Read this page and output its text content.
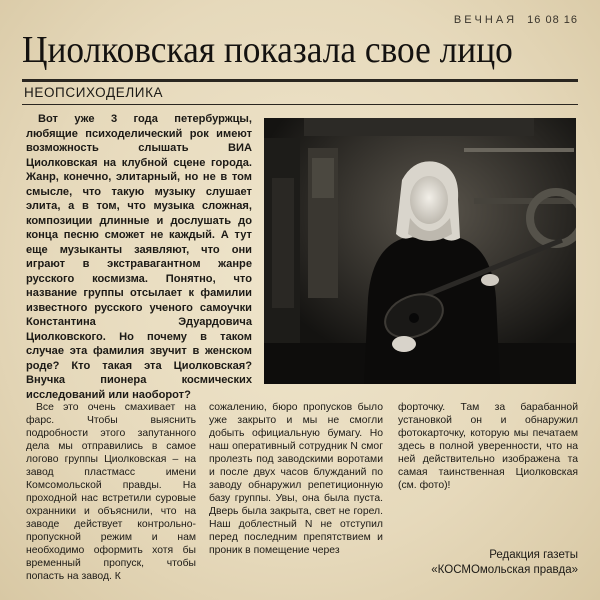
ВЕЧНАЯ 16 08 16
Циолковская показала свое лицо
НЕОПСИХОДЕЛИКА
Вот уже 3 года петербуржцы, любящие психоделический рок имеют возможность слышать ВИА Циолковская на клубной сцене города. Жанр, конечно, элитарный, но не в том смысле, что такую музыку слушает элита, а в том, что музыка сложная, композиции длинные и дослушать до конца песню сможет не каждый. А тут еще музыканты заявляют, что они играют в экстравагантном жанре русского космизма. Понятно, что название группы отсылает к фамилии известного русского ученого самоучки Константина Эдуардовича Циолковского. Но почему в таком случае эта фамилия звучит в женском роде? Кто такая эта Циолковская? Внучка пионера космических исследований или наоборот?
Все это очень смахивает на фарс. Чтобы выяснить подробности этого запутанного дела мы отправились в самое логово группы Циолковская – на завод пластмасс имени Комсомольской правды. На проходной нас встретили суровые охранники и объяснили, что на заводе действует контрольно-пропускной режим и нам необходимо оформить хотя бы временный пропуск, чтобы попасть на завод. К
сожалению, бюро пропусков было уже закрыто и мы не смогли добыть официальную бумагу. Но наш оперативный сотрудник N смог пролезть под заводскими воротами и после двух часов блужданий по заводу обнаружил репетиционную базу группы. Увы, она была пуста. Дверь была закрыта, свет не горел. Наш доблестный N не отступил перед последним препятствием и проник в помещение через
форточку. Там за барабанной установкой он и обнаружил фотокарточку, которую мы печатаем здесь в полной уверенности, что на ней действительно изображена та самая таинственная Циолковская (см. фото)!
Редакция газеты
«КОСМОмольская правда»
